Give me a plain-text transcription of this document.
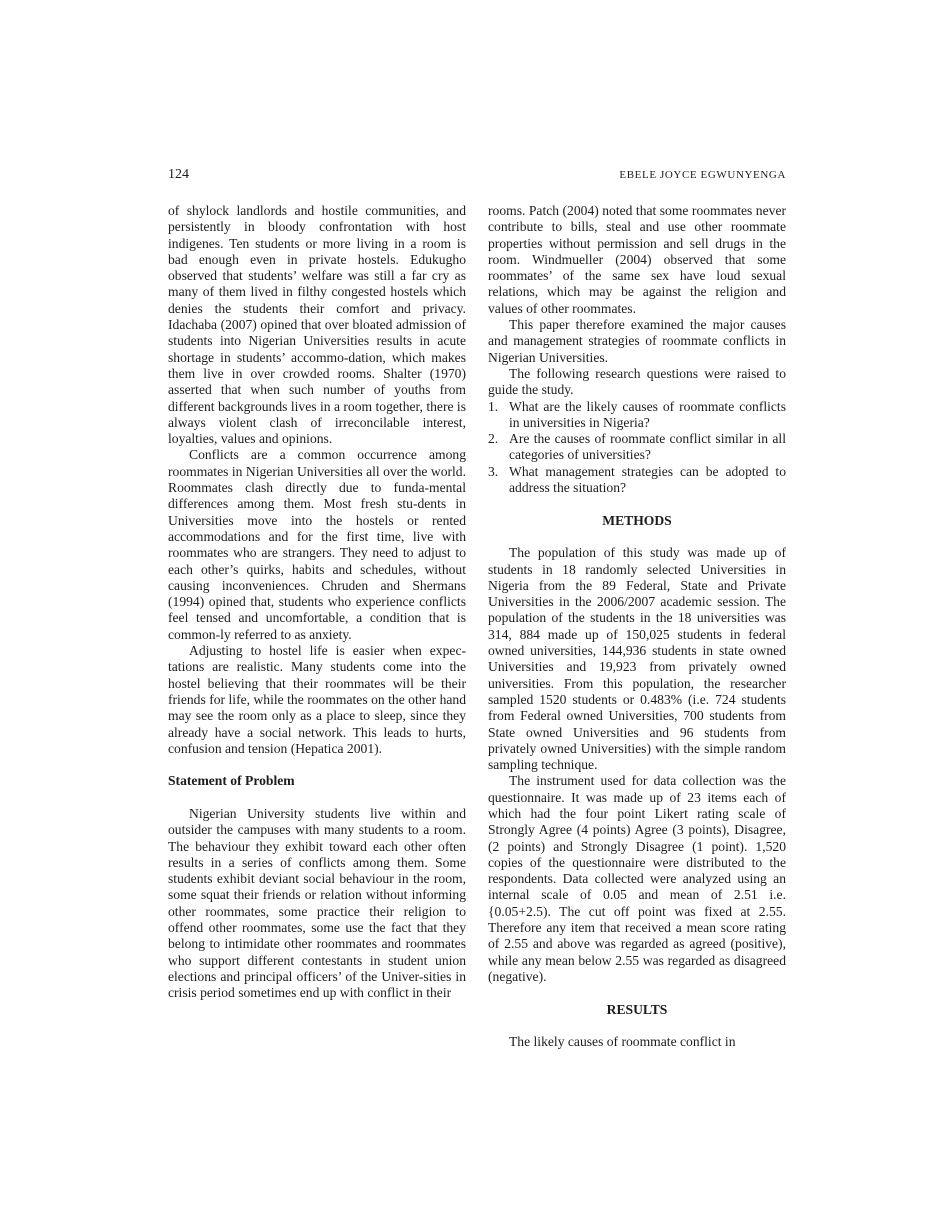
124	EBELE JOYCE EGWUNYENGA

of shylock landlords and hostile communities, and persistently in bloody confrontation with host indigenes. Ten students or more living in a room is bad enough even in private hostels. Edukugho observed that students’ welfare was still a far cry as many of them lived in filthy congested hostels which denies the students their comfort and privacy. Idachaba (2007) opined that over bloated admission of students into Nigerian Universities results in acute shortage in students’ accommo-dation, which makes them live in over crowded rooms. Shalter (1970) asserted that when such number of youths from different backgrounds lives in a room together, there is always violent clash of irreconcilable interest, loyalties, values and opinions.

Conflicts are a common occurrence among roommates in Nigerian Universities all over the world. Roommates clash directly due to funda-mental differences among them. Most fresh stu-dents in Universities move into the hostels or rented accommodations and for the first time, live with roommates who are strangers. They need to adjust to each other’s quirks, habits and schedules, without causing inconveniences. Chruden and Shermans (1994) opined that, students who experience conflicts feel tensed and uncomfortable, a condition that is common-ly referred to as anxiety.

Adjusting to hostel life is easier when expec-tations are realistic. Many students come into the hostel believing that their roommates will be their friends for life, while the roommates on the other hand may see the room only as a place to sleep, since they already have a social network. This leads to hurts, confusion and tension (Hepatica 2001).

Statement of Problem

Nigerian University students live within and outsider the campuses with many students to a room. The behaviour they exhibit toward each other often results in a series of conflicts among them. Some students exhibit deviant social behaviour in the room, some squat their friends or relation without informing other roommates, some practice their religion to offend other roommates, some use the fact that they belong to intimidate other roommates and roommates who support different contestants in student union elections and principal officers’ of the Univer-sities in crisis period sometimes end up with conflict in their

rooms. Patch (2004) noted that some roommates never contribute to bills, steal and use other roommate properties without permission and sell drugs in the room. Windmueller (2004) observed that some roommates’ of the same sex have loud sexual relations, which may be against the religion and values of other roommates.

This paper therefore examined the major causes and management strategies of roommate conflicts in Nigerian Universities.

The following research questions were raised to guide the study.

1. What are the likely causes of roommate conflicts in universities in Nigeria?
2. Are the causes of roommate conflict similar in all categories of universities?
3. What management strategies can be adopted to address the situation?
METHODS

The population of this study was made up of students in 18 randomly selected Universities in Nigeria from the 89 Federal, State and Private Universities in the 2006/2007 academic session. The population of the students in the 18 universities was 314, 884 made up of 150,025 students in federal owned universities, 144,936 students in state owned Universities and 19,923 from privately owned universities. From this population, the researcher sampled 1520 students or 0.483% (i.e. 724 students from Federal owned Universities, 700 students from State owned Universities and 96 students from privately owned Universities) with the simple random sampling technique.

The instrument used for data collection was the questionnaire. It was made up of 23 items each of which had the four point Likert rating scale of Strongly Agree (4 points) Agree (3 points), Disagree, (2 points) and Strongly Disagree (1 point). 1,520 copies of the questionnaire were distributed to the respondents. Data collected were analyzed using an internal scale of 0.05 and mean of 2.51 i.e. {0.05+2.5). The cut off point was fixed at 2.55. Therefore any item that received a mean score rating of 2.55 and above was regarded as agreed (positive), while any mean below 2.55 was regarded as disagreed (negative).

RESULTS

The likely causes of roommate conflict in
